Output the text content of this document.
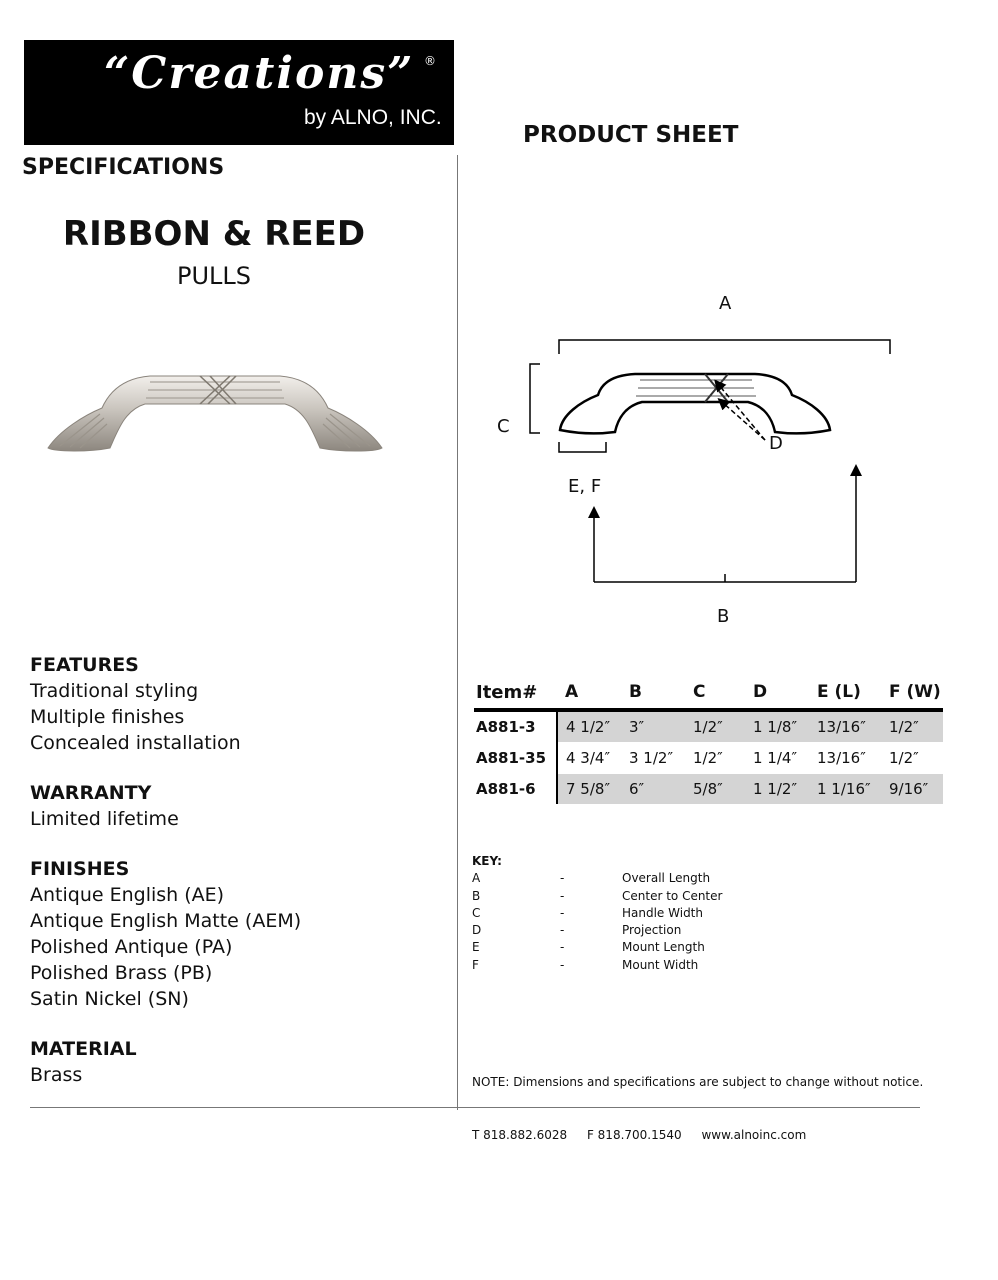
“Creations” ®
by ALNO, INC.
PRODUCT SHEET
SPECIFICATIONS
RIBBON & REED
PULLS
A
C
D
E, F
B

FEATURES

Traditional styling

Multiple finishes

Concealed installation

WARRANTY

Limited lifetime

FINISHES

Antique English (AE)

Antique English Matte (AEM)

Polished Antique (PA)

Polished Brass (PB)

Satin Nickel (SN)

MATERIAL

Brass

Item#	A	B	C	D	E (L)	F (W)
A881-3	4 1/2″	3″	1/2″	1 1/8″	13/16″	1/2″
A881-35	4 3/4″	3 1/2″	1/2″	1 1/4″	13/16″	1/2″
A881-6	7 5/8″	6″	5/8″	1 1/2″	1 1/16″	9/16″
KEY:
A	-	Overall Length
B	-	Center to Center
C	-	Handle Width
D	-	Projection
E	-	Mount Length
F	-	Mount Width
NOTE: Dimensions and specifications are subject to change without notice.
T 818.882.6028 F 818.700.1540 www.alnoinc.com
